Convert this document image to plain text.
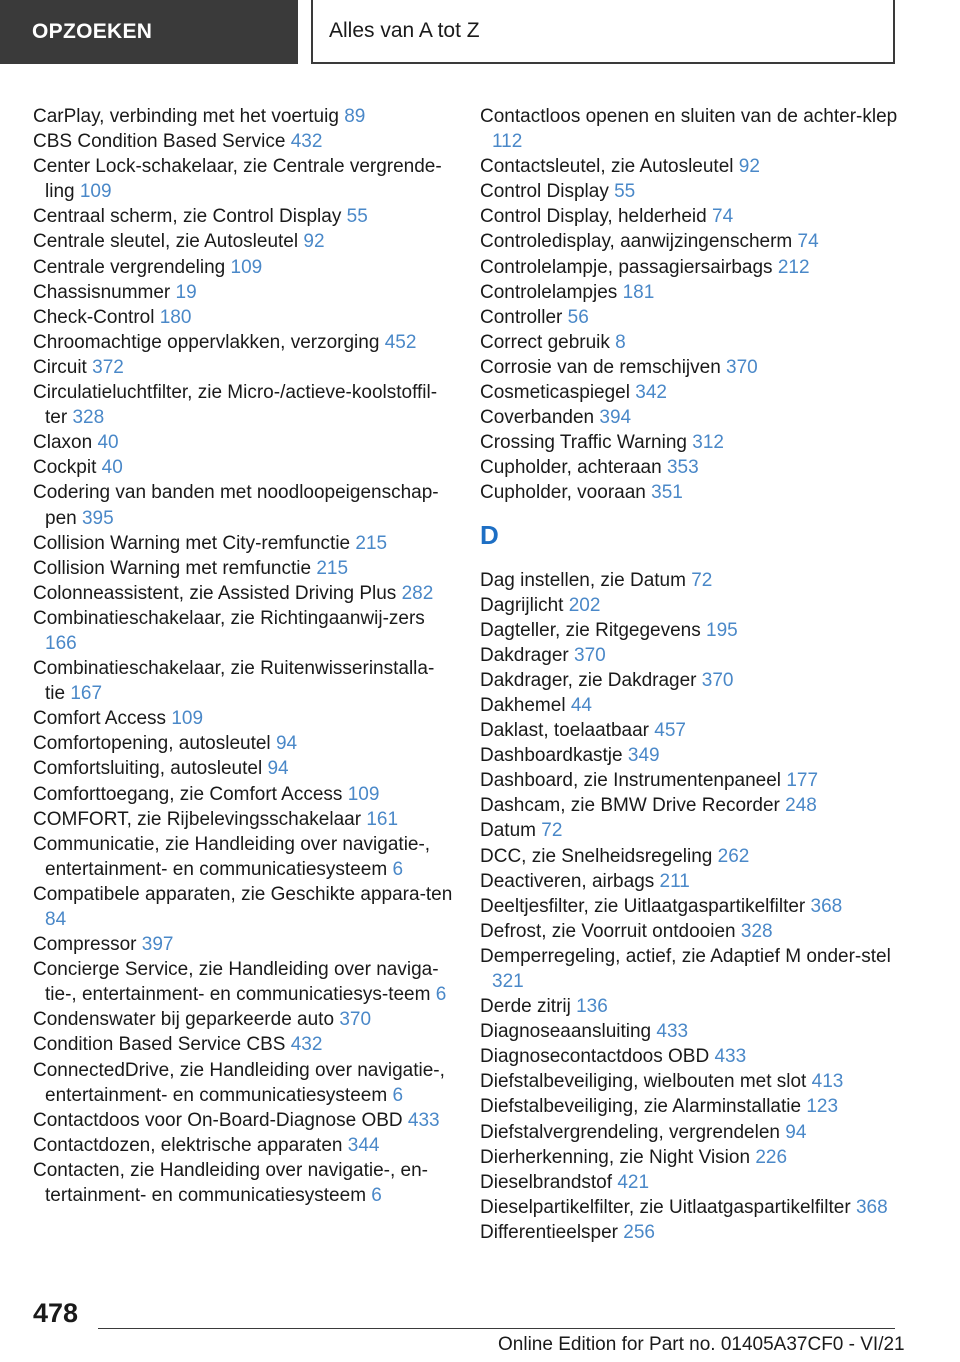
OPZOEKEN	Alles van A tot Z
CarPlay, verbinding met het voertuig 89
CBS Condition Based Service 432
Center Lock-schakelaar, zie Centrale vergrende-ling 109
Centraal scherm, zie Control Display 55
Centrale sleutel, zie Autosleutel 92
Centrale vergrendeling 109
Chassisnummer 19
Check-Control 180
Chroomachtige oppervlakken, verzorging 452
Circuit 372
Circulatieluchtfilter, zie Micro-/actieve-koolstoffil-ter 328
Claxon 40
Cockpit 40
Codering van banden met noodloopeigenschap-pen 395
Collision Warning met City-remfunctie 215
Collision Warning met remfunctie 215
Colonneassistent, zie Assisted Driving Plus 282
Combinatieschakelaar, zie Richtingaanwij-zers 166
Combinatieschakelaar, zie Ruitenwisserinstalla-tie 167
Comfort Access 109
Comfortopening, autosleutel 94
Comfortsluiting, autosleutel 94
Comforttoegang, zie Comfort Access 109
COMFORT, zie Rijbelevingsschakelaar 161
Communicatie, zie Handleiding over navigatie-, entertainment- en communicatiesysteem 6
Compatibele apparaten, zie Geschikte appara-ten 84
Compressor 397
Concierge Service, zie Handleiding over naviga-tie-, entertainment- en communicatiesys-teem 6
Condenswater bij geparkeerde auto 370
Condition Based Service CBS 432
ConnectedDrive, zie Handleiding over navigatie-, entertainment- en communicatiesysteem 6
Contactdoos voor On-Board-Diagnose OBD 433
Contactdozen, elektrische apparaten 344
Contacten, zie Handleiding over navigatie-, en-tertainment- en communicatiesysteem 6
Contactloos openen en sluiten van de achter-klep 112
Contactsleutel, zie Autosleutel 92
Control Display 55
Control Display, helderheid 74
Controledisplay, aanwijzingenscherm 74
Controlelampje, passagiersairbags 212
Controlelampjes 181
Controller 56
Correct gebruik 8
Corrosie van de remschijven 370
Cosmeticaspiegel 342
Coverbanden 394
Crossing Traffic Warning 312
Cupholder, achteraan 353
Cupholder, vooraan 351
D
Dag instellen, zie Datum 72
Dagrijlicht 202
Dagteller, zie Ritgegevens 195
Dakdrager 370
Dakdrager, zie Dakdrager 370
Dakhemel 44
Daklast, toelaatbaar 457
Dashboardkastje 349
Dashboard, zie Instrumentenpaneel 177
Dashcam, zie BMW Drive Recorder 248
Datum 72
DCC, zie Snelheidsregeling 262
Deactiveren, airbags 211
Deeltjesfilter, zie Uitlaatgaspartikelfilter 368
Defrost, zie Voorruit ontdooien 328
Demperregeling, actief, zie Adaptief M onder-stel 321
Derde zitrij 136
Diagnoseaansluiting 433
Diagnosecontactdoos OBD 433
Diefstalbeveiliging, wielbouten met slot 413
Diefstalbeveiliging, zie Alarminstallatie 123
Diefstalvergrendeling, vergrendelen 94
Dierherkenning, zie Night Vision 226
Dieselbrandstof 421
Dieselpartikelfilter, zie Uitlaatgaspartikelfilter 368
Differentieelsper 256
478
Online Edition for Part no. 01405A37CF0 - VI/21
